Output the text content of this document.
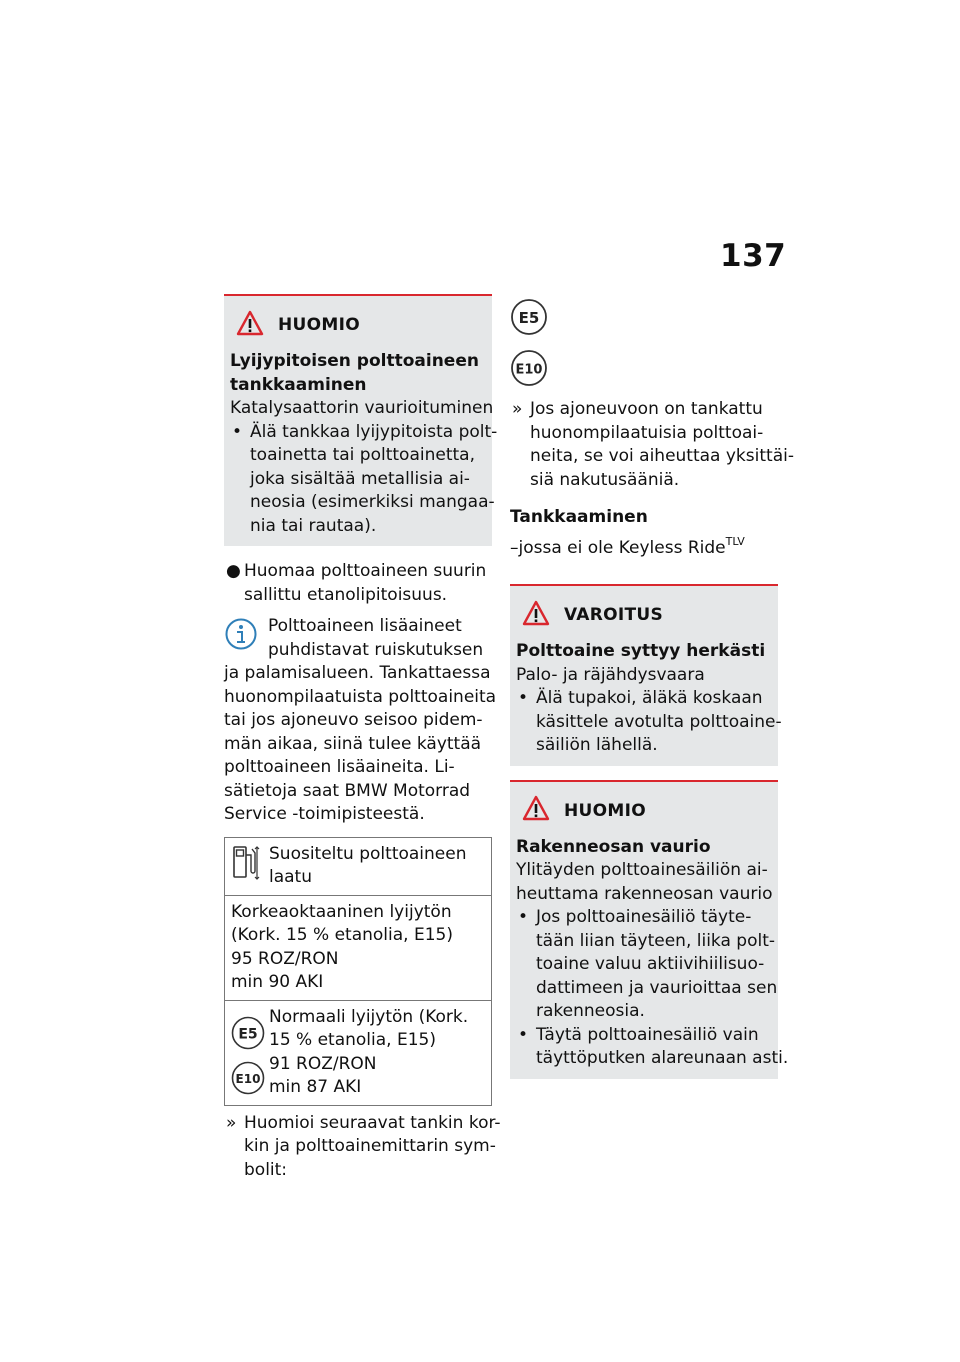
137
HUOMIO
Lyijypitoisen polttoaineen
tankkaaminen
Katalysaattorin vaurioituminen
• Älä tankkaa lyijypitoista polt-
toainetta tai polttoainetta,
joka sisältää metallisia ai-
neosia (esimerkiksi mangaa-
nia tai rautaa).
● Huomaa polttoaineen suurin
sallittu etanolipitoisuus.
Polttoaineen lisäaineet
puhdistavat ruiskutuksen
ja palamisalueen. Tankattaessa
huonompilaatuista polttoaineita
tai jos ajoneuvo seisoo pidem-
män aikaa, siinä tulee käyttää
polttoaineen lisäaineita. Li-
sätietoja saat BMW Motorrad
Service -toimipisteestä.
Suositeltu polttoaineen
laatu

Korkeaoktaaninen lyijytön
(Kork. 15 % etanolia, E15)
95 ROZ/RON
min 90 AKI

E5

E10
Normaali lyijytön (Kork.
15 % etanolia, E15)
91 ROZ/RON
min 87 AKI
» Huomioi seuraavat tankin kor-
kin ja polttoainemittarin sym-
bolit:
E5
E10
» Jos ajoneuvoon on tankattu
huonompilaatuisia polttoai-
neita, se voi aiheuttaa yksittäi-
siä nakutusääniä.
Tankkaaminen
–jossa ei ole Keyless Ride$^{TLV}$
VAROITUS
Polttoaine syttyy herkästi
Palo- ja räjähdysvaara
• Älä tupakoi, äläkä koskaan
käsittele avotulta polttoaine-
säiliön lähellä.
HUOMIO
Rakenneosan vaurio
Ylitäyden polttoainesäiliön ai-
heuttama rakenneosan vaurio
• Jos polttoainesäiliö täyte-
tään liian täyteen, liika polt-
toaine valuu aktiivihiilisuo-
dattimeen ja vaurioittaa sen
rakenneosia.
• Täytä polttoainesäiliö vain
täyttöputken alareunaan asti.
